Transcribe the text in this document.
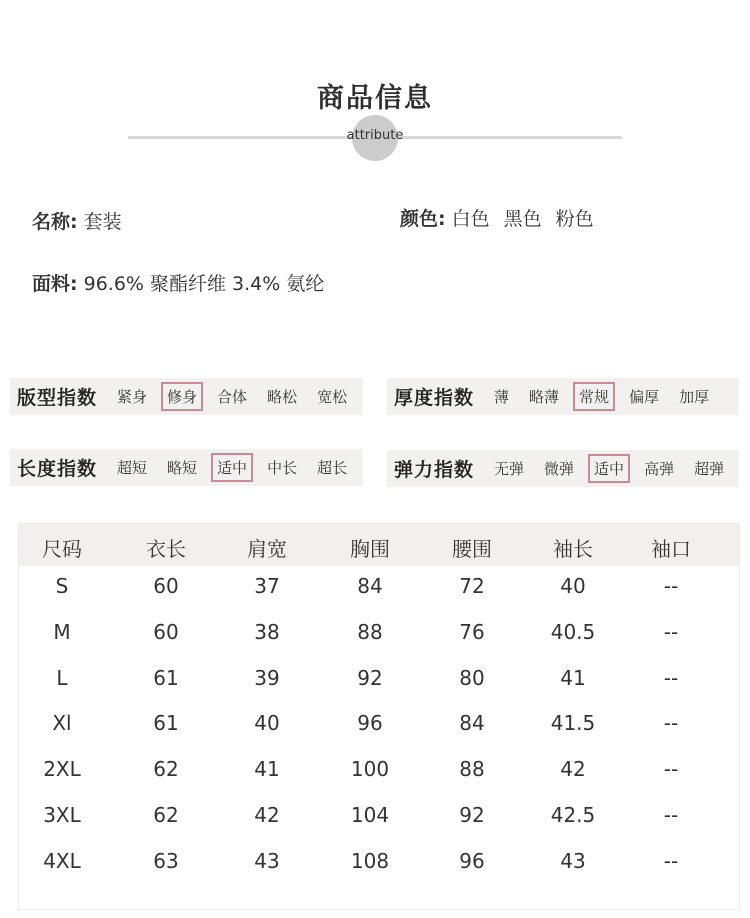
商品信息
attribute
名称: 套装	颜色: 白色 黑色 粉色
面料: 96.6% 聚酯纤维 3.4% 氨纶
版型指数	紧身	修身	合体	略松	宽松	厚度指数	薄	略薄	常规	偏厚	加厚
长度指数	超短	略短	适中	中长	超长	弹力指数	无弹	微弹	适中	高弹	超弹
尺码	衣长	肩宽	胸围	腰围	袖长	袖口
S	60	37	84	72	40	--
M	60	38	88	76	40.5	--
L	61	39	92	80	41	--
Xl	61	40	96	84	41.5	--
2XL	62	41	100	88	42	--
3XL	62	42	104	92	42.5	--
4XL	63	43	108	96	43	--
